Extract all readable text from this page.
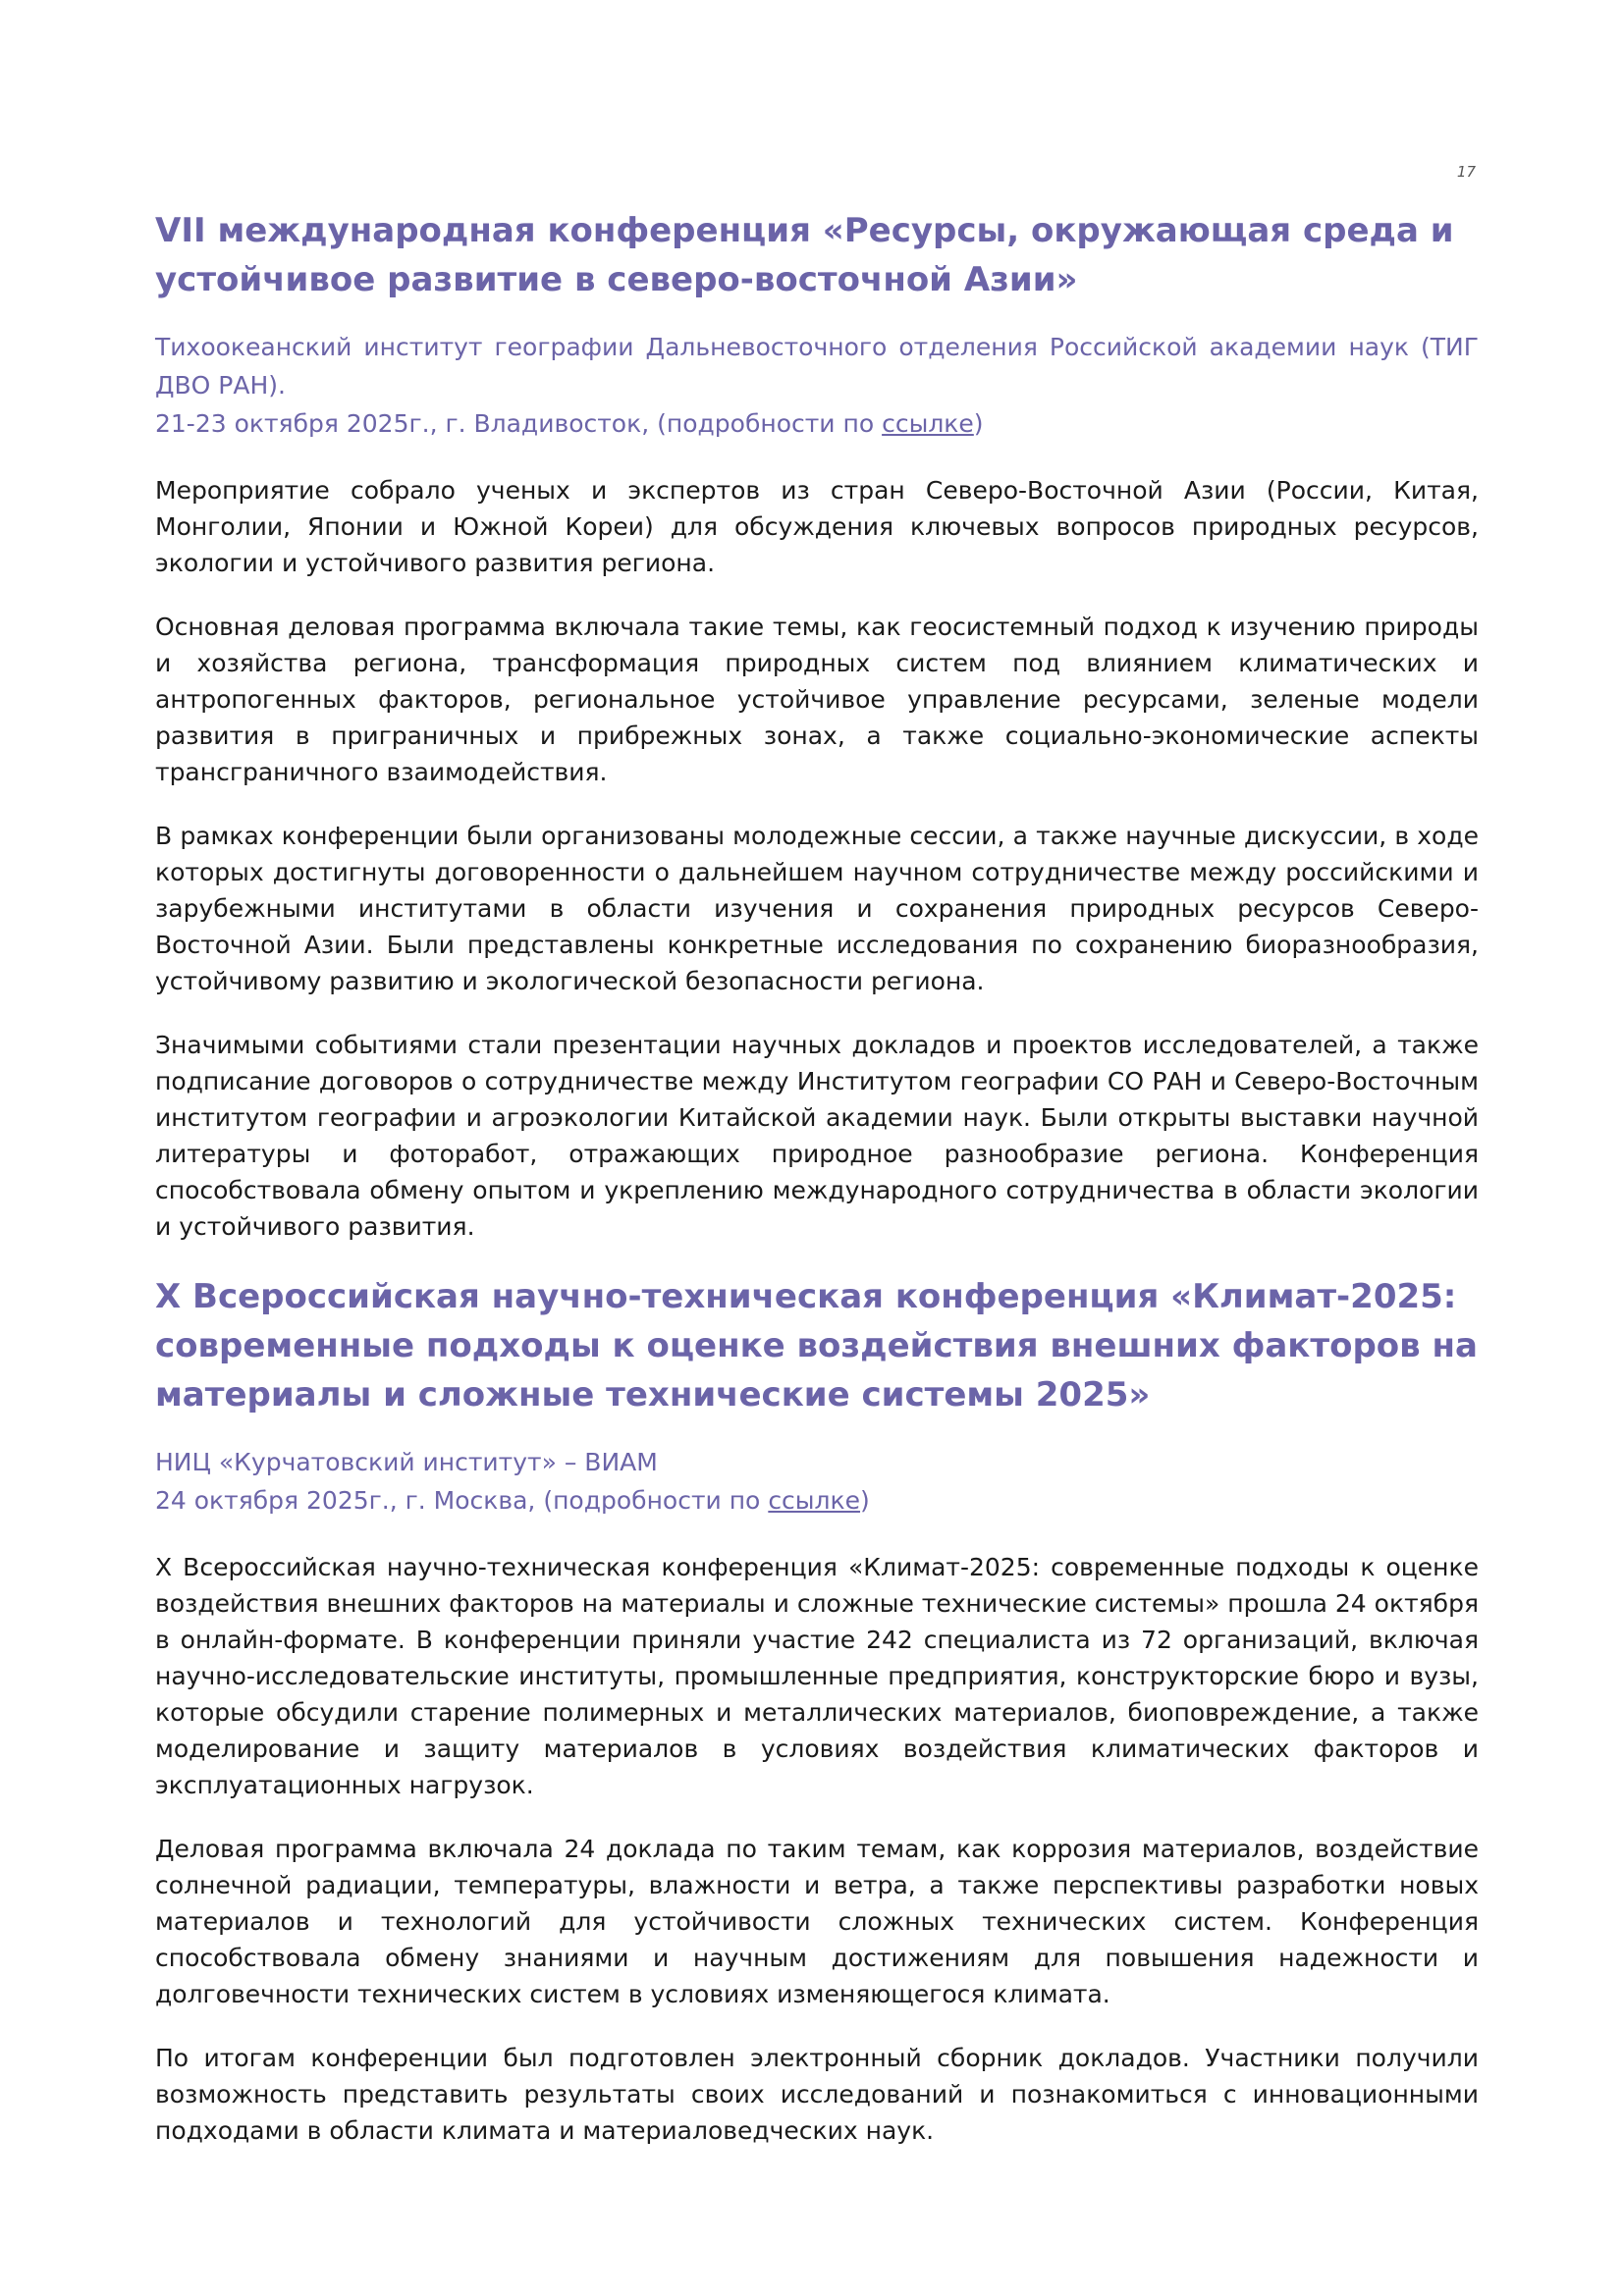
17
VII международная конференция «Ресурсы, окружающая среда и устойчивое развитие в северо-восточной Азии»

Тихоокеанский институт географии Дальневосточного отделения Российской академии наук (ТИГ ДВО РАН).

21-23 октября 2025г., г. Владивосток, (подробности по ссылке)

Мероприятие собрало ученых и экспертов из стран Северо-Восточной Азии (России, Китая, Монголии, Японии и Южной Кореи) для обсуждения ключевых вопросов природных ресурсов, экологии и устойчивого развития региона.

Основная деловая программа включала такие темы, как геосистемный подход к изучению природы и хозяйства региона, трансформация природных систем под влиянием климатических и антропогенных факторов, региональное устойчивое управление ресурсами, зеленые модели развития в приграничных и прибрежных зонах, а также социально-экономические аспекты трансграничного взаимодействия.

В рамках конференции были организованы молодежные сессии, а также научные дискуссии, в ходе которых достигнуты договоренности о дальнейшем научном сотрудничестве между российскими и зарубежными институтами в области изучения и сохранения природных ресурсов Северо-Восточной Азии. Были представлены конкретные исследования по сохранению биоразнообразия, устойчивому развитию и экологической безопасности региона.

Значимыми событиями стали презентации научных докладов и проектов исследователей, а также подписание договоров о сотрудничестве между Институтом географии СО РАН и Северо-Восточным институтом географии и агроэкологии Китайской академии наук. Были открыты выставки научной литературы и фоторабот, отражающих природное разнообразие региона. Конференция способствовала обмену опытом и укреплению международного сотрудничества в области экологии и устойчивого развития.

X Всероссийская научно-техническая конференция «Климат-2025: современные подходы к оценке воздействия внешних факторов на материалы и сложные технические системы 2025»

НИЦ «Курчатовский институт» – ВИАМ

24 октября 2025г., г. Москва, (подробности по ссылке)

X Всероссийская научно-техническая конференция «Климат-2025: современные подходы к оценке воздействия внешних факторов на материалы и сложные технические системы» прошла 24 октября в онлайн-формате. В конференции приняли участие 242 специалиста из 72 организаций, включая научно-исследовательские институты, промышленные предприятия, конструкторские бюро и вузы, которые обсудили старение полимерных и металлических материалов, биоповреждение, а также моделирование и защиту материалов в условиях воздействия климатических факторов и эксплуатационных нагрузок.

Деловая программа включала 24 доклада по таким темам, как коррозия материалов, воздействие солнечной радиации, температуры, влажности и ветра, а также перспективы разработки новых материалов и технологий для устойчивости сложных технических систем. Конференция способствовала обмену знаниями и научным достижениям для повышения надежности и долговечности технических систем в условиях изменяющегося климата.

По итогам конференции был подготовлен электронный сборник докладов. Участники получили возможность представить результаты своих исследований и познакомиться с инновационными подходами в области климата и материаловедческих наук.
